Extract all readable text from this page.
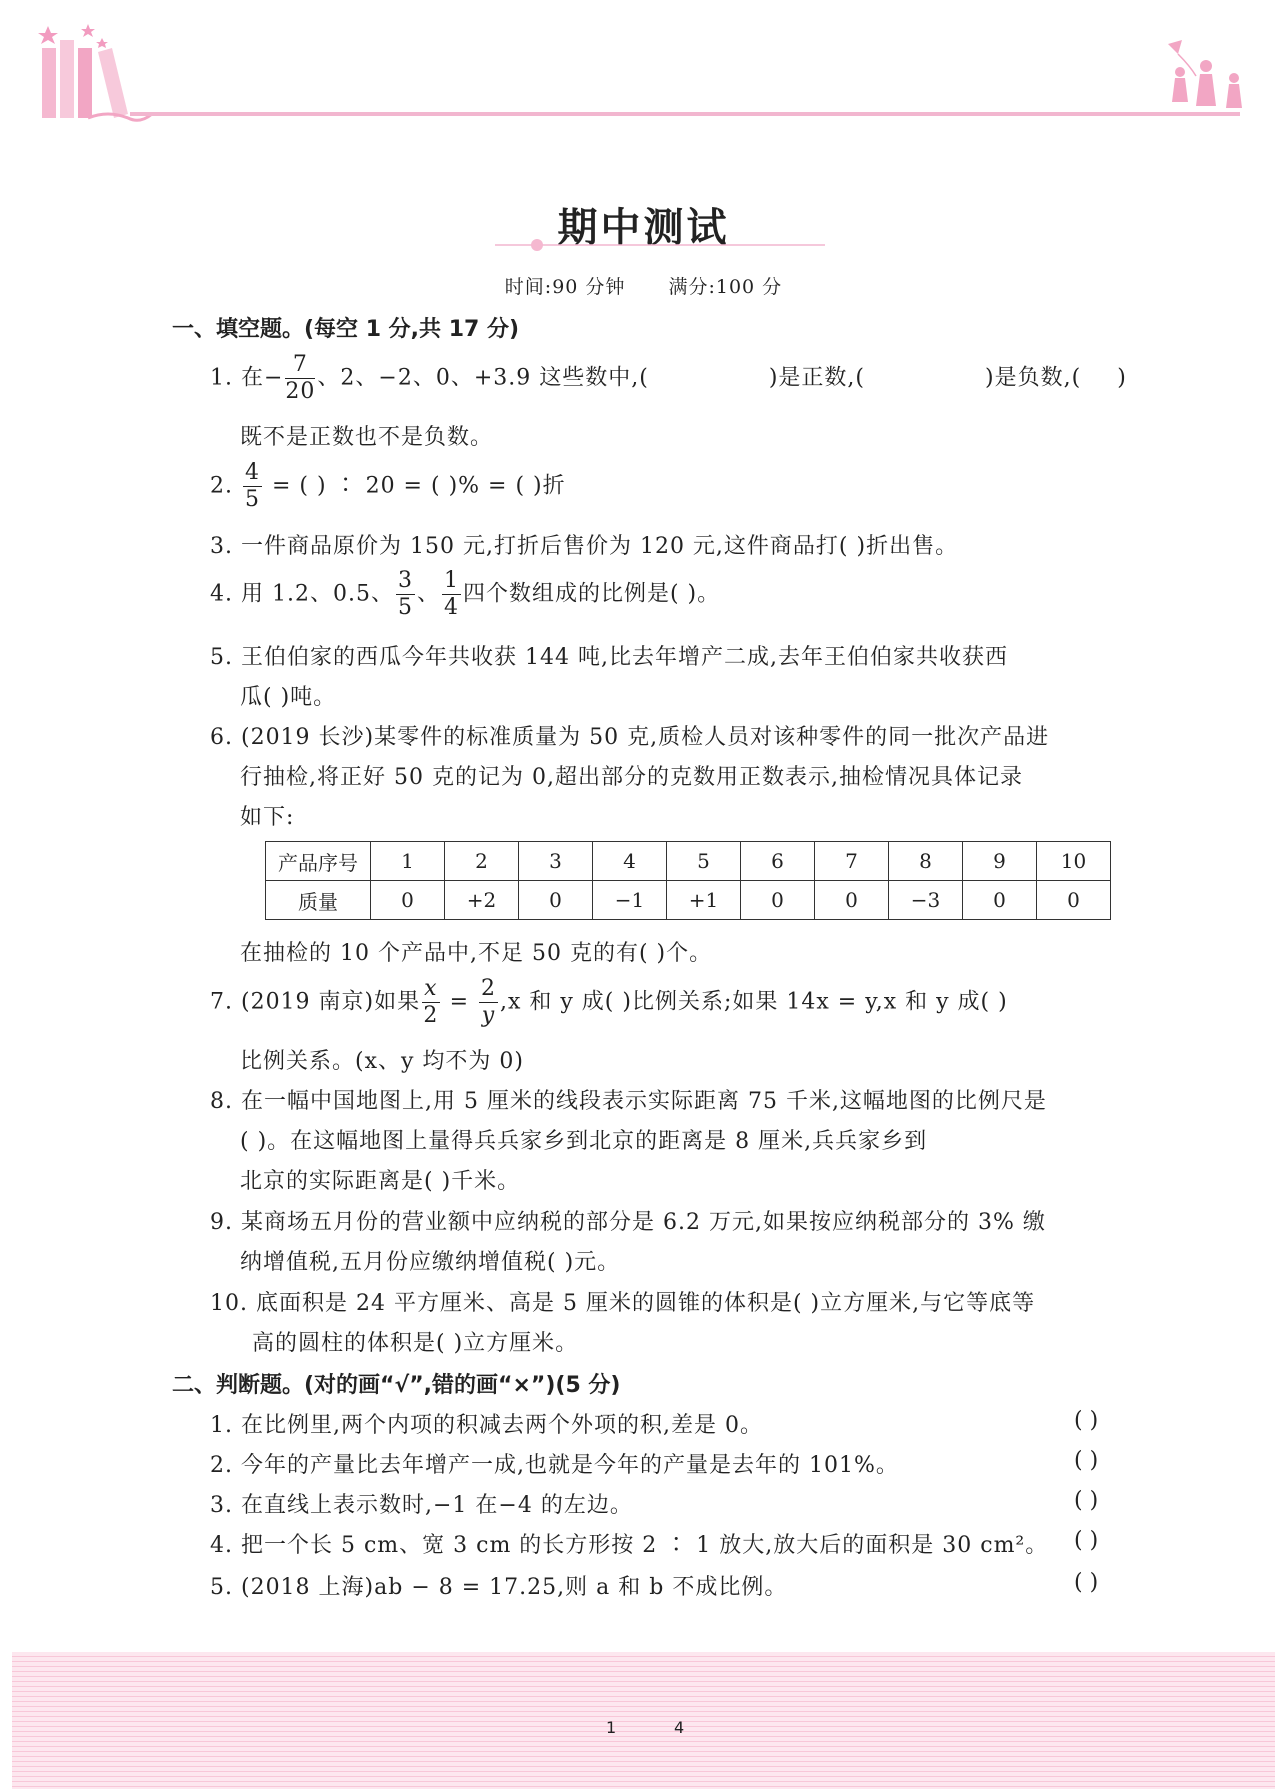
期中测试
时间:90 分钟 满分:100 分
一、填空题。(每空 1 分,共 17 分)
1. 在− $\frac{7}{20}$ 、2、−2、0、+3.9 这些数中,(	)是正数,(	)是负数,( )
既不是正数也不是负数。
2. $\frac{4}{5}$ = ( ) ∶ 20 = ( )% = ( )折
3. 一件商品原价为 150 元,打折后售价为 120 元,这件商品打( )折出售。
4. 用 1.2、0.5、 $\frac{3}{5}$ 、 $\frac{1}{4}$ 四个数组成的比例是( )。
5. 王伯伯家的西瓜今年共收获 144 吨,比去年增产二成,去年王伯伯家共收获西
瓜( )吨。
6. (2019 长沙)某零件的标准质量为 50 克,质检人员对该种零件的同一批次产品进
行抽检,将正好 50 克的记为 0,超出部分的克数用正数表示,抽检情况具体记录
如下:
产品序号	1	2	3	4	5	6	7	8	9	10
质量	0	+2	0	−1	+1	0	0	−3	0	0
在抽检的 10 个产品中,不足 50 克的有( )个。
7. (2019 南京)如果 $\frac{x}{2} = \frac{2}{y} ,x$ 和 y 成( )比例关系;如果 14x = y,x 和 y 成( )
比例关系。(x、y 均不为 0)
8. 在一幅中国地图上,用 5 厘米的线段表示实际距离 75 千米,这幅地图的比例尺是
( )。在这幅地图上量得兵兵家乡到北京的距离是 8 厘米,兵兵家乡到
北京的实际距离是( )千米。
9. 某商场五月份的营业额中应纳税的部分是 6.2 万元,如果按应纳税部分的 3% 缴
纳增值税,五月份应缴纳增值税( )元。
10. 底面积是 24 平方厘米、高是 5 厘米的圆锥的体积是( )立方厘米,与它等底等
高的圆柱的体积是( )立方厘米。
二、判断题。(对的画“√”,错的画“×”)(5 分)
1. 在比例里,两个内项的积减去两个外项的积,差是 0。	( )
2. 今年的产量比去年增产一成,也就是今年的产量是去年的 101%。	( )
3. 在直线上表示数时,−1 在−4 的左边。	( )
4. 把一个长 5 cm、宽 3 cm 的长方形按 2 ∶ 1 放大,放大后的面积是 30 cm²。 ( )
5. (2018 上海)ab − 8 = 17.25,则 a 和 b 不成比例。	( )
1	4
